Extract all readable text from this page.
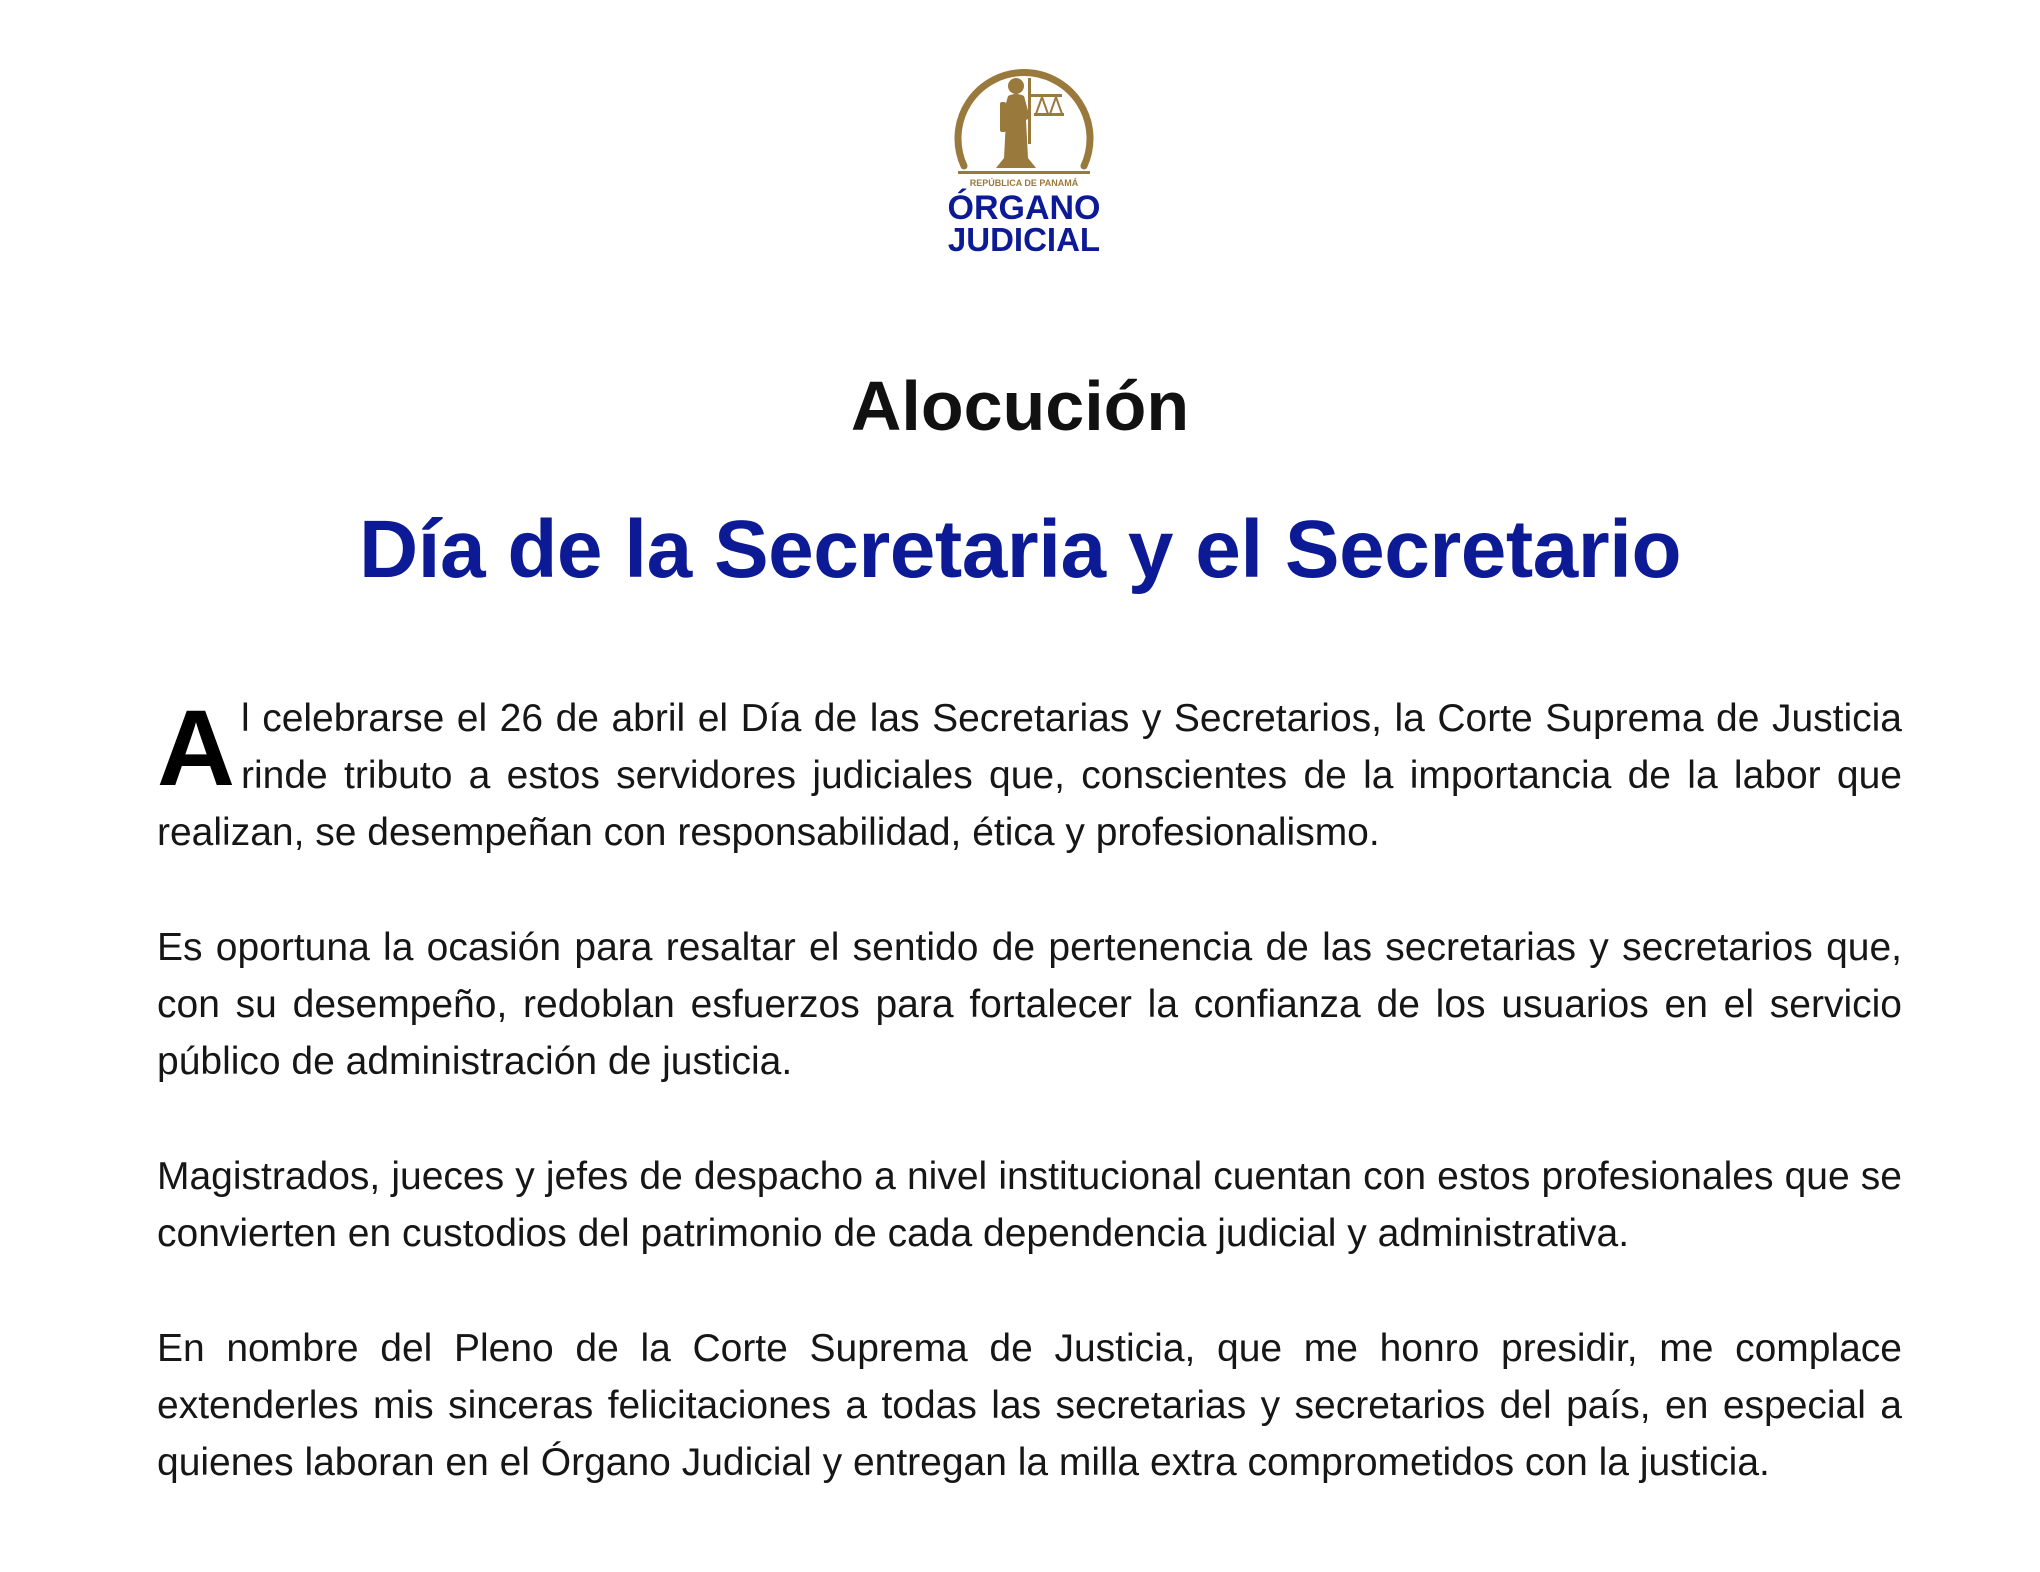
REPÚBLICA DE PANAMÁ
ÓRGANO
JUDICIAL
Alocución
Día de la Secretaria y el Secretario

Al celebrarse el 26 de abril el Día de las Secretarias y Secretarios, la Corte Suprema de Justicia rinde tributo a estos servidores judiciales que, conscientes de la importancia de la labor que realizan, se desempeñan con responsabilidad, ética y profesionalismo.

Es oportuna la ocasión para resaltar el sentido de pertenencia de las secretarias y secretarios que, con su desempeño, redoblan esfuerzos para fortalecer la confianza de los usuarios en el servicio público de administración de justicia.

Magistrados, jueces y jefes de despacho a nivel institucional cuentan con estos profesionales que se convierten en custodios del patrimonio de cada dependencia judicial y administrativa.

En nombre del Pleno de la Corte Suprema de Justicia, que me honro presidir, me complace extenderles mis sinceras felicitaciones a todas las secretarias y secretarios del país, en especial a quienes laboran en el Órgano Judicial y entregan la milla extra comprometidos con la justicia.
